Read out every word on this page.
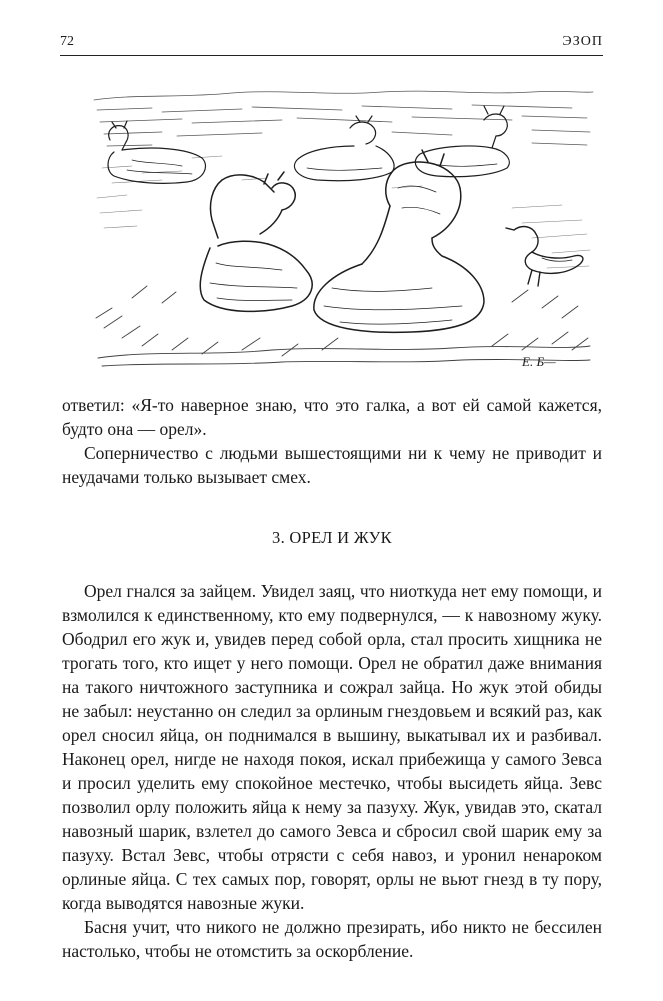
72	ЭЗОП
Е. Б—

ответил: «Я-то наверное знаю, что это галка, а вот ей самой кажется, будто она — орел».

Соперничество с людьми вышестоящими ни к чему не приводит и неудачами только вызывает смех.

3. ОРЕЛ И ЖУК

Орел гнался за зайцем. Увидел заяц, что ниоткуда нет ему помощи, и взмолился к единственному, кто ему подвернулся, — к навозному жуку. Ободрил его жук и, увидев перед собой орла, стал просить хищника не трогать того, кто ищет у него помощи. Орел не обратил даже внимания на такого ничтожного заступника и сожрал зайца. Но жук этой обиды не забыл: неустанно он следил за орлиным гнездовьем и всякий раз, как орел сносил яйца, он поднимался в вышину, выкатывал их и разбивал. Наконец орел, нигде не находя покоя, искал прибежища у самого Зевса и просил уделить ему спокойное местечко, чтобы высидеть яйца. Зевс позволил орлу положить яйца к нему за пазуху. Жук, увидав это, скатал навозный шарик, взлетел до самого Зевса и сбросил свой шарик ему за пазуху. Встал Зевс, чтобы отрясти с себя навоз, и уронил ненароком орлиные яйца. С тех самых пор, говорят, орлы не вьют гнезд в ту пору, когда выводятся навозные жуки.

Басня учит, что никого не должно презирать, ибо никто не бессилен настолько, чтобы не отомстить за оскорбление.
